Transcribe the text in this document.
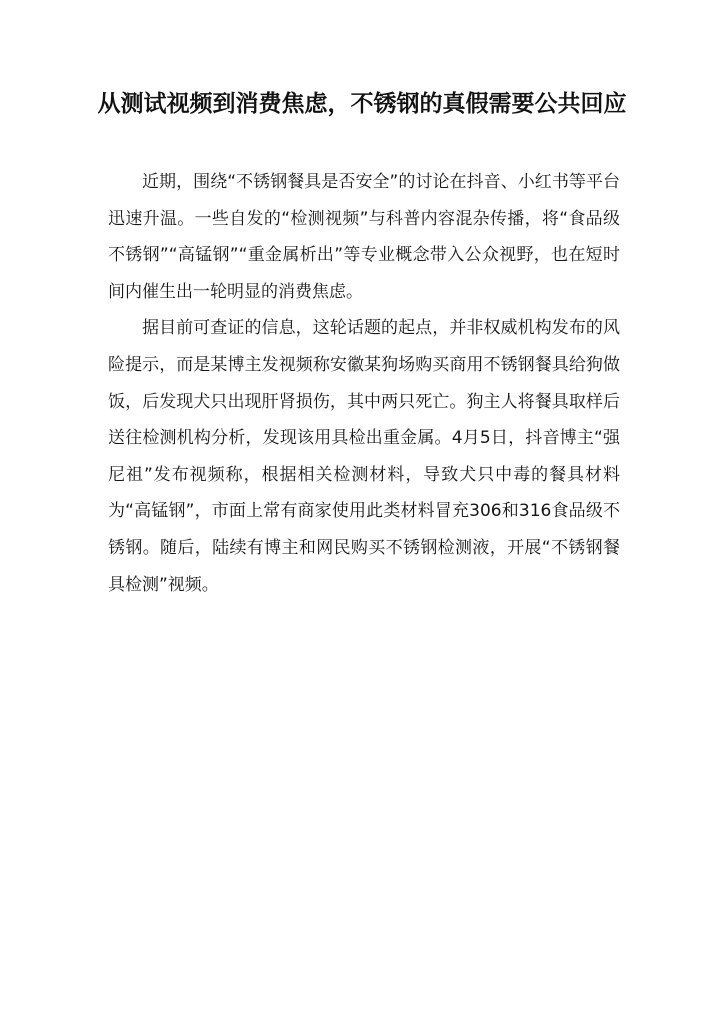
从测试视频到消费焦虑，不锈钢的真假需要公共回应

近期，围绕“不锈钢餐具是否安全”的讨论在抖音、小红书等平台迅速升温。一些自发的“检测视频”与科普内容混杂传播，将“食品级不锈钢”“高锰钢”“重金属析出”等专业概念带入公众视野，也在短时间内催生出一轮明显的消费焦虑。

据目前可查证的信息，这轮话题的起点，并非权威机构发布的风险提示，而是某博主发视频称安徽某狗场购买商用不锈钢餐具给狗做饭，后发现犬只出现肝肾损伤，其中两只死亡。狗主人将餐具取样后送往检测机构分析，发现该用具检出重金属。4月5日，抖音博主“强尼祖”发布视频称，根据相关检测材料，导致犬只中毒的餐具材料为“高锰钢”，市面上常有商家使用此类材料冒充306和316食品级不锈钢。随后，陆续有博主和网民购买不锈钢检测液，开展“不锈钢餐具检测”视频。
